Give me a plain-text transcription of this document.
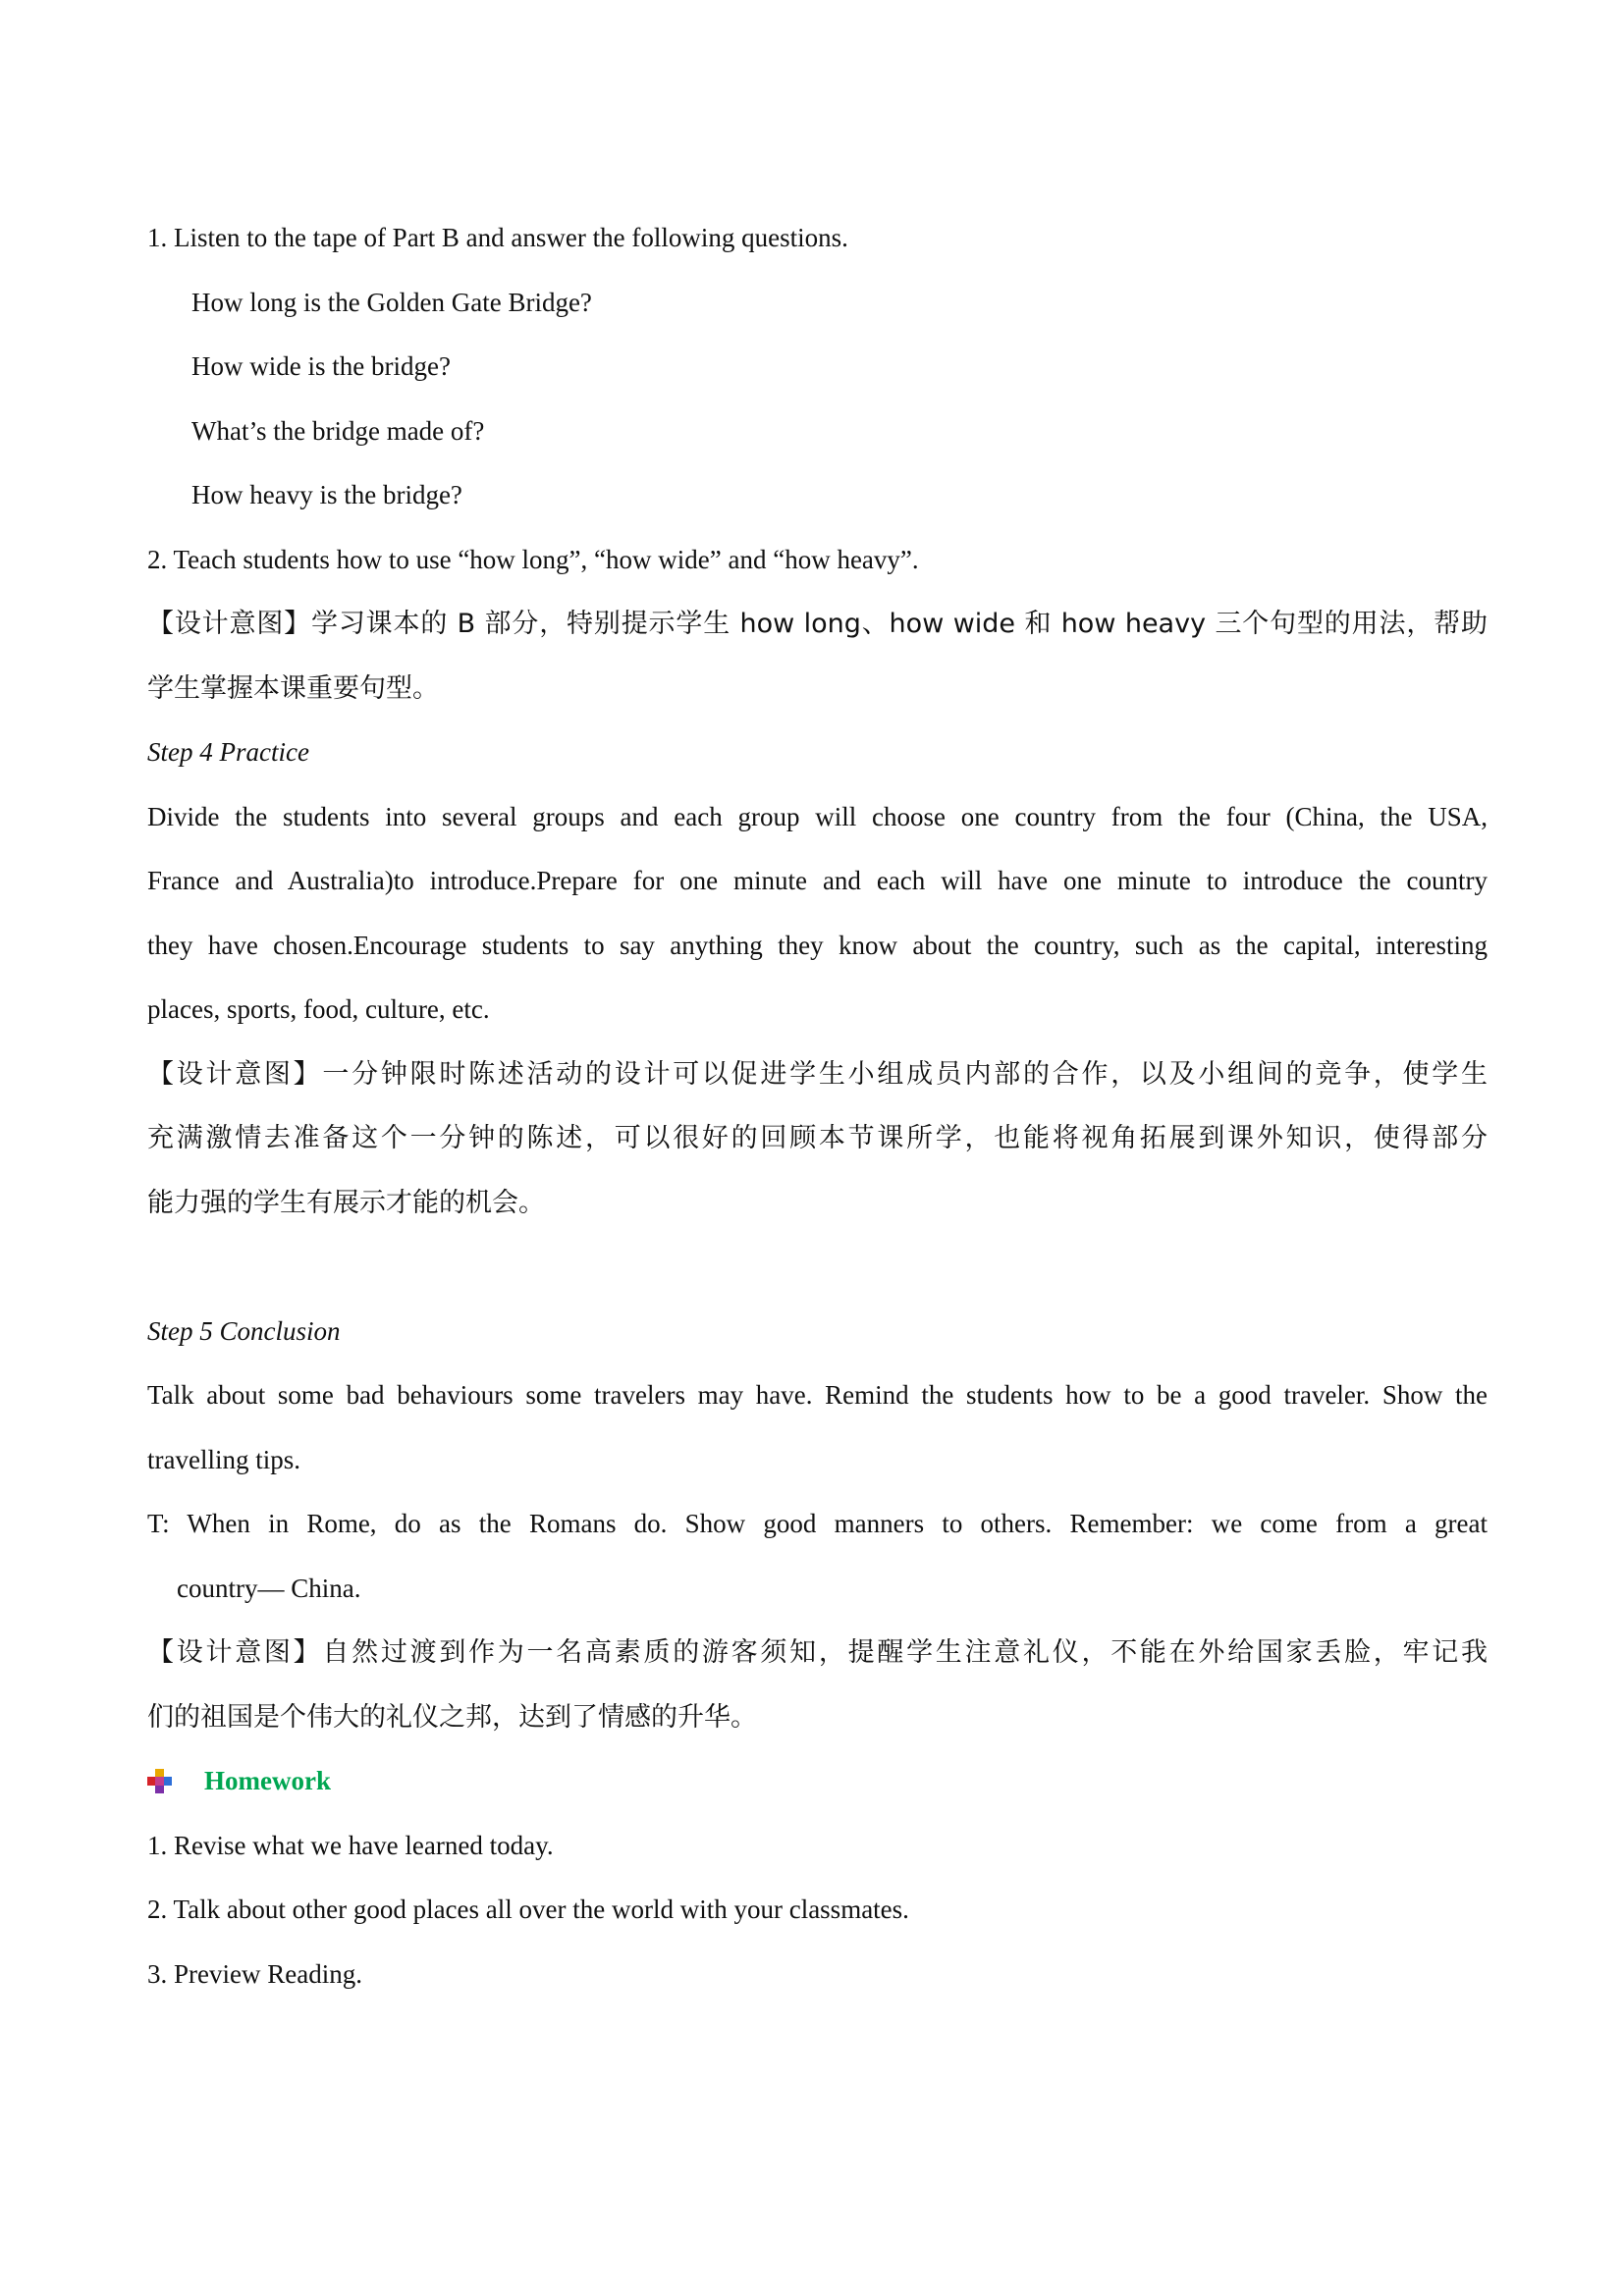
1. Listen to the tape of Part B and answer the following questions.
How long is the Golden Gate Bridge?
How wide is the bridge?
What’s the bridge made of?
How heavy is the bridge?
2. Teach students how to use “how long”, “how wide” and “how heavy”.
【设计意图】学习课本的 B 部分，特别提示学生 how long、how wide 和 how heavy 三个句型的用法，帮助
学生掌握本课重要句型。
Step 4 Practice
Divide the students into several groups and each group will choose one country from the four (China, the USA,
France and Australia)to introduce.Prepare for one minute and each will have one minute to introduce the country
they have chosen.Encourage students to say anything they know about the country, such as the capital, interesting
places, sports, food, culture, etc.
【设计意图】一分钟限时陈述活动的设计可以促进学生小组成员内部的合作，以及小组间的竞争，使学生
充满激情去准备这个一分钟的陈述，可以很好的回顾本节课所学，也能将视角拓展到课外知识，使得部分
能力强的学生有展示才能的机会。
Step 5 Conclusion
Talk about some bad behaviours some travelers may have. Remind the students how to be a good traveler. Show the
travelling tips.
T: When in Rome, do as the Romans do. Show good manners to others. Remember: we come from a great
country— China.
【设计意图】自然过渡到作为一名高素质的游客须知，提醒学生注意礼仪，不能在外给国家丢脸，牢记我
们的祖国是个伟大的礼仪之邦，达到了情感的升华。
Homework
1. Revise what we have learned today.
2. Talk about other good places all over the world with your classmates.
3. Preview Reading.
